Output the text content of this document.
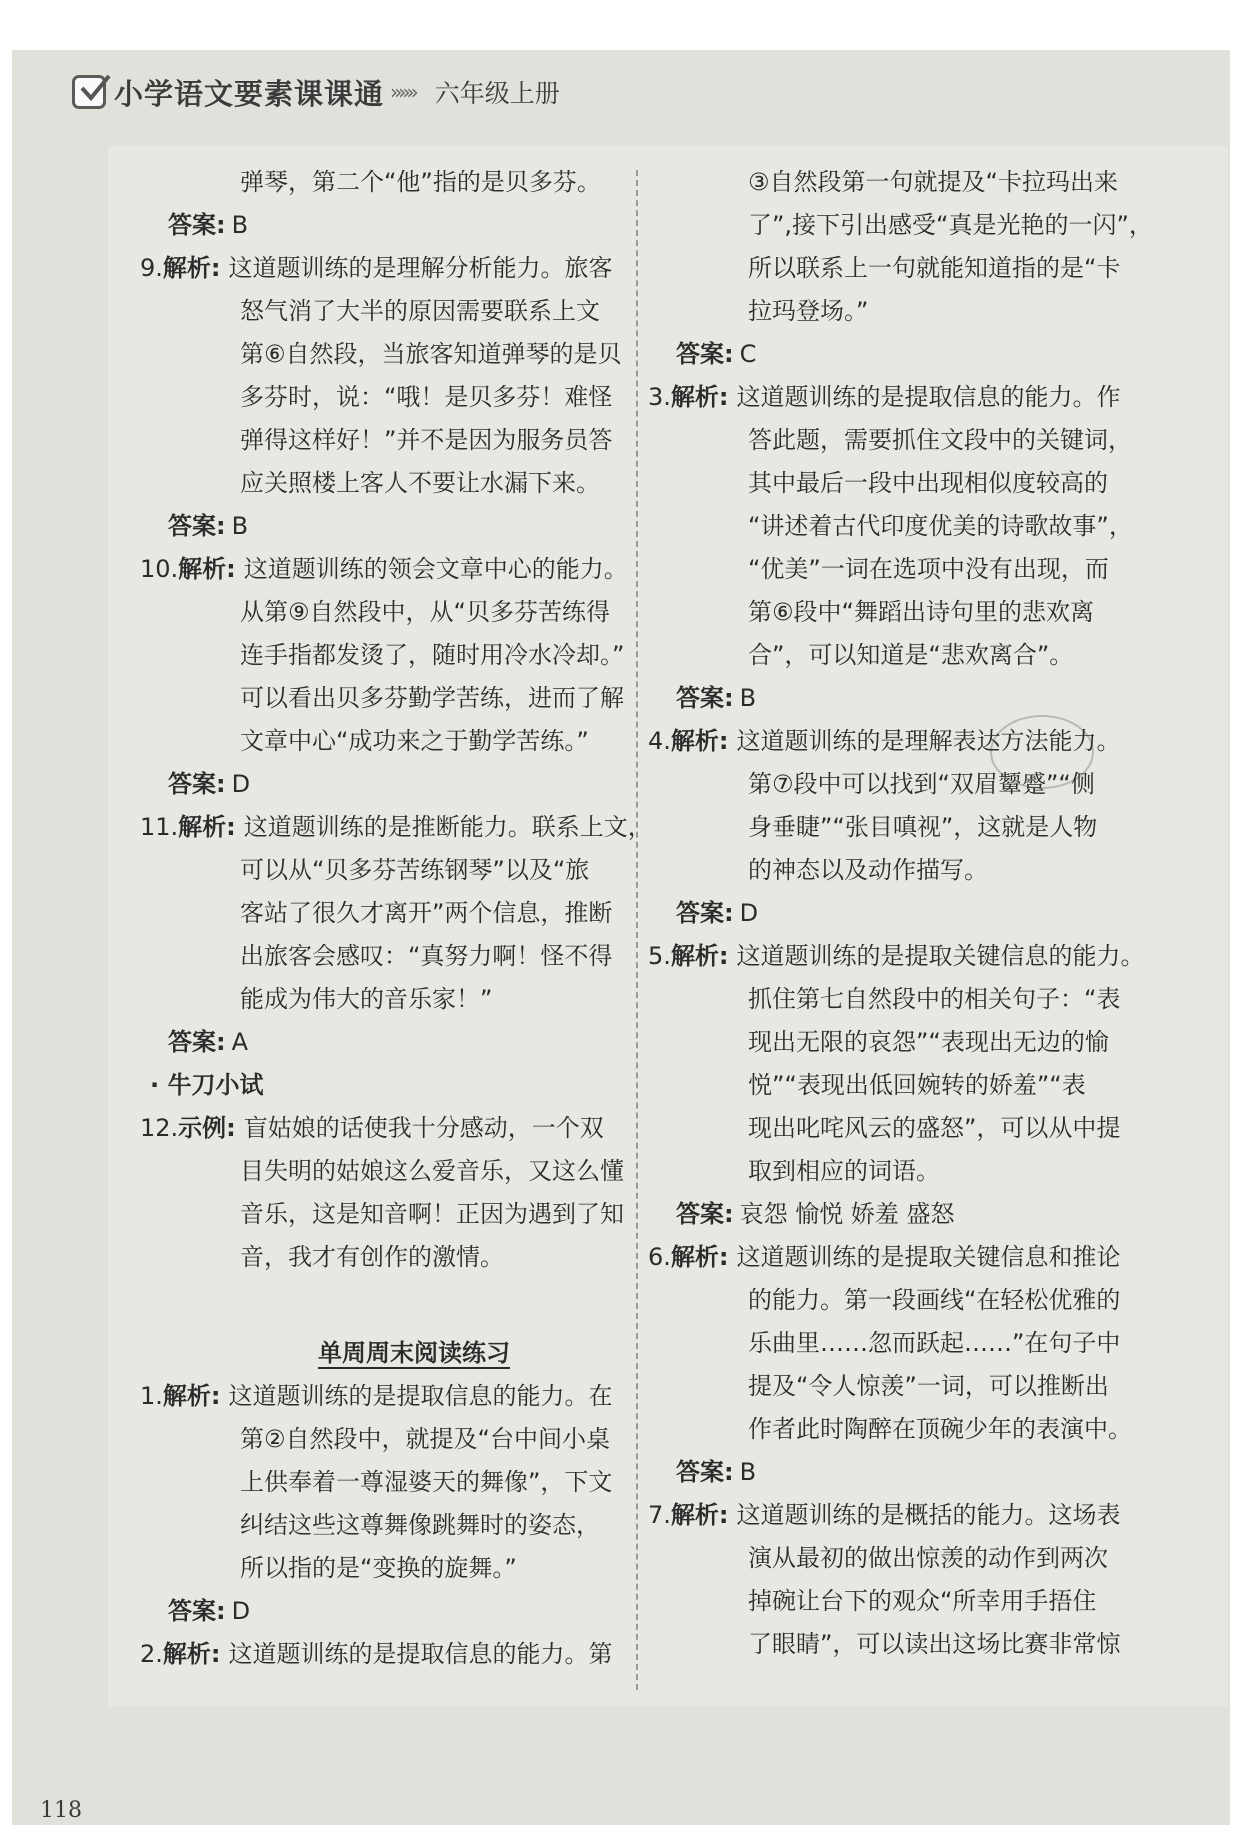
小学语文要素课课通 »»» 六年级上册
弹琴，第二个“他”指的是贝多芬。
答案: B
9.解析: 这道题训练的是理解分析能力。旅客
怒气消了大半的原因需要联系上文
第⑥自然段，当旅客知道弹琴的是贝
多芬时，说：“哦！是贝多芬！难怪
弹得这样好！”并不是因为服务员答
应关照楼上客人不要让水漏下来。
答案: B
10.解析: 这道题训练的领会文章中心的能力。
从第⑨自然段中，从“贝多芬苦练得
连手指都发烫了，随时用冷水冷却。”
可以看出贝多芬勤学苦练，进而了解
文章中心“成功来之于勤学苦练。”
答案: D
11.解析: 这道题训练的是推断能力。联系上文，
可以从“贝多芬苦练钢琴”以及“旅
客站了很久才离开”两个信息，推断
出旅客会感叹：“真努力啊！怪不得
能成为伟大的音乐家！”
答案: A
· 牛刀小试
12.示例: 盲姑娘的话使我十分感动，一个双
目失明的姑娘这么爱音乐，又这么懂
音乐，这是知音啊！正因为遇到了知
音，我才有创作的激情。
单周周末阅读练习
1.解析: 这道题训练的是提取信息的能力。在
第②自然段中，就提及“台中间小桌
上供奉着一尊湿婆天的舞像”，下文
纠结这些这尊舞像跳舞时的姿态，
所以指的是“变换的旋舞。”
答案: D
2.解析: 这道题训练的是提取信息的能力。第
③自然段第一句就提及“卡拉玛出来
了”,接下引出感受“真是光艳的一闪”，
所以联系上一句就能知道指的是“卡
拉玛登场。”
答案: C
3.解析: 这道题训练的是提取信息的能力。作
答此题，需要抓住文段中的关键词，
其中最后一段中出现相似度较高的
“讲述着古代印度优美的诗歌故事”，
“优美”一词在选项中没有出现，而
第⑥段中“舞蹈出诗句里的悲欢离
合”，可以知道是“悲欢离合”。
答案: B
4.解析: 这道题训练的是理解表达方法能力。
第⑦段中可以找到“双眉颦蹙”“侧
身垂睫”“张目嗔视”，这就是人物
的神态以及动作描写。
答案: D
5.解析: 这道题训练的是提取关键信息的能力。
抓住第七自然段中的相关句子：“表
现出无限的哀怨”“表现出无边的愉
悦”“表现出低回婉转的娇羞”“表
现出叱咤风云的盛怒”，可以从中提
取到相应的词语。
答案: 哀怨 愉悦 娇羞 盛怒
6.解析: 这道题训练的是提取关键信息和推论
的能力。第一段画线“在轻松优雅的
乐曲里……忽而跃起……”在句子中
提及“令人惊羡”一词，可以推断出
作者此时陶醉在顶碗少年的表演中。
答案: B
7.解析: 这道题训练的是概括的能力。这场表
演从最初的做出惊羡的动作到两次
掉碗让台下的观众“所幸用手捂住
了眼睛”，可以读出这场比赛非常惊
118
